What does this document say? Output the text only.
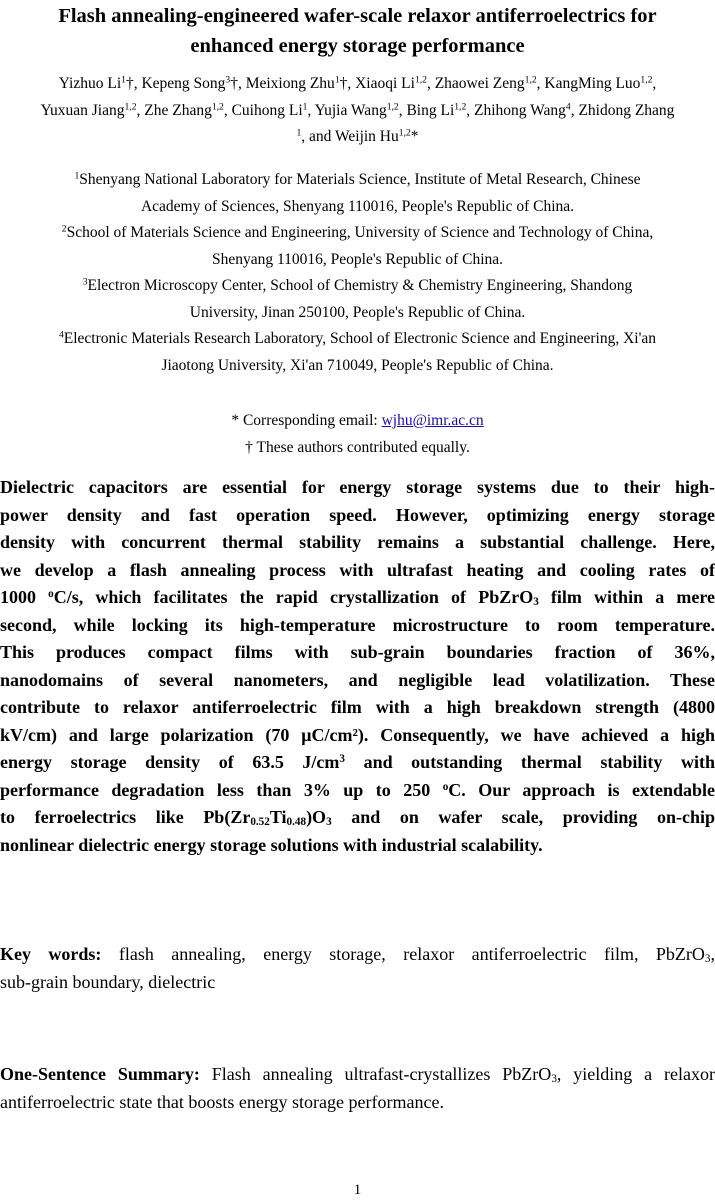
Flash annealing-engineered wafer-scale relaxor antiferroelectrics for
enhanced energy storage performance
Yizhuo Li$^1$†, Kepeng Song$^3$†, Meixiong Zhu$^1$†, Xiaoqi Li$^{1,2}$, Zhaowei Zeng$^{1,2}$, KangMing Luo$^{1,2}$,
Yuxuan Jiang$^{1,2}$, Zhe Zhang$^{1,2}$, Cuihong Li$^1$, Yujia Wang$^{1,2}$, Bing Li$^{1,2}$, Zhihong Wang$^4$, Zhidong Zhang
$^1$, and Weijin Hu$^{1,2}$*
$^1$Shenyang National Laboratory for Materials Science, Institute of Metal Research, Chinese
Academy of Sciences, Shenyang 110016, People's Republic of China.
$^2$School of Materials Science and Engineering, University of Science and Technology of China,
Shenyang 110016, People's Republic of China.
$^3$Electron Microscopy Center, School of Chemistry & Chemistry Engineering, Shandong
University, Jinan 250100, People's Republic of China.
$^4$Electronic Materials Research Laboratory, School of Electronic Science and Engineering, Xi'an
Jiaotong University, Xi'an 710049, People's Republic of China.
* Corresponding email: wjhu@imr.ac.cn
† These authors contributed equally.
Dielectric capacitors are essential for energy storage systems due to their high-
power density and fast operation speed. However, optimizing energy storage
density with concurrent thermal stability remains a substantial challenge. Here,
we develop a flash annealing process with ultrafast heating and cooling rates of
1000 $^o$C/s, which facilitates the rapid crystallization of PbZrO$_3$ film within a mere
second, while locking its high-temperature microstructure to room temperature.
This produces compact films with sub-grain boundaries fraction of 36%,
nanodomains of several nanometers, and negligible lead volatilization. These
contribute to relaxor antiferroelectric film with a high breakdown strength (4800
kV/cm) and large polarization (70 μC/cm²). Consequently, we have achieved a high
energy storage density of 63.5 $J/cm^3$ and outstanding thermal stability with
performance degradation less than 3% up to 250 $^o$C. Our approach is extendable
to ferroelectrics like $Pb(Zr_{0.52}Ti_{0.48})O_3$ and on wafer scale, providing on-chip
nonlinear dielectric energy storage solutions with industrial scalability.
Key words: flash annealing, energy storage, relaxor antiferroelectric film, PbZrO$_3$,
sub-grain boundary, dielectric
One-Sentence Summary: Flash annealing ultrafast-crystallizes PbZrO$_3$, yielding a relaxor antiferroelectric state that boosts energy storage performance.
1
